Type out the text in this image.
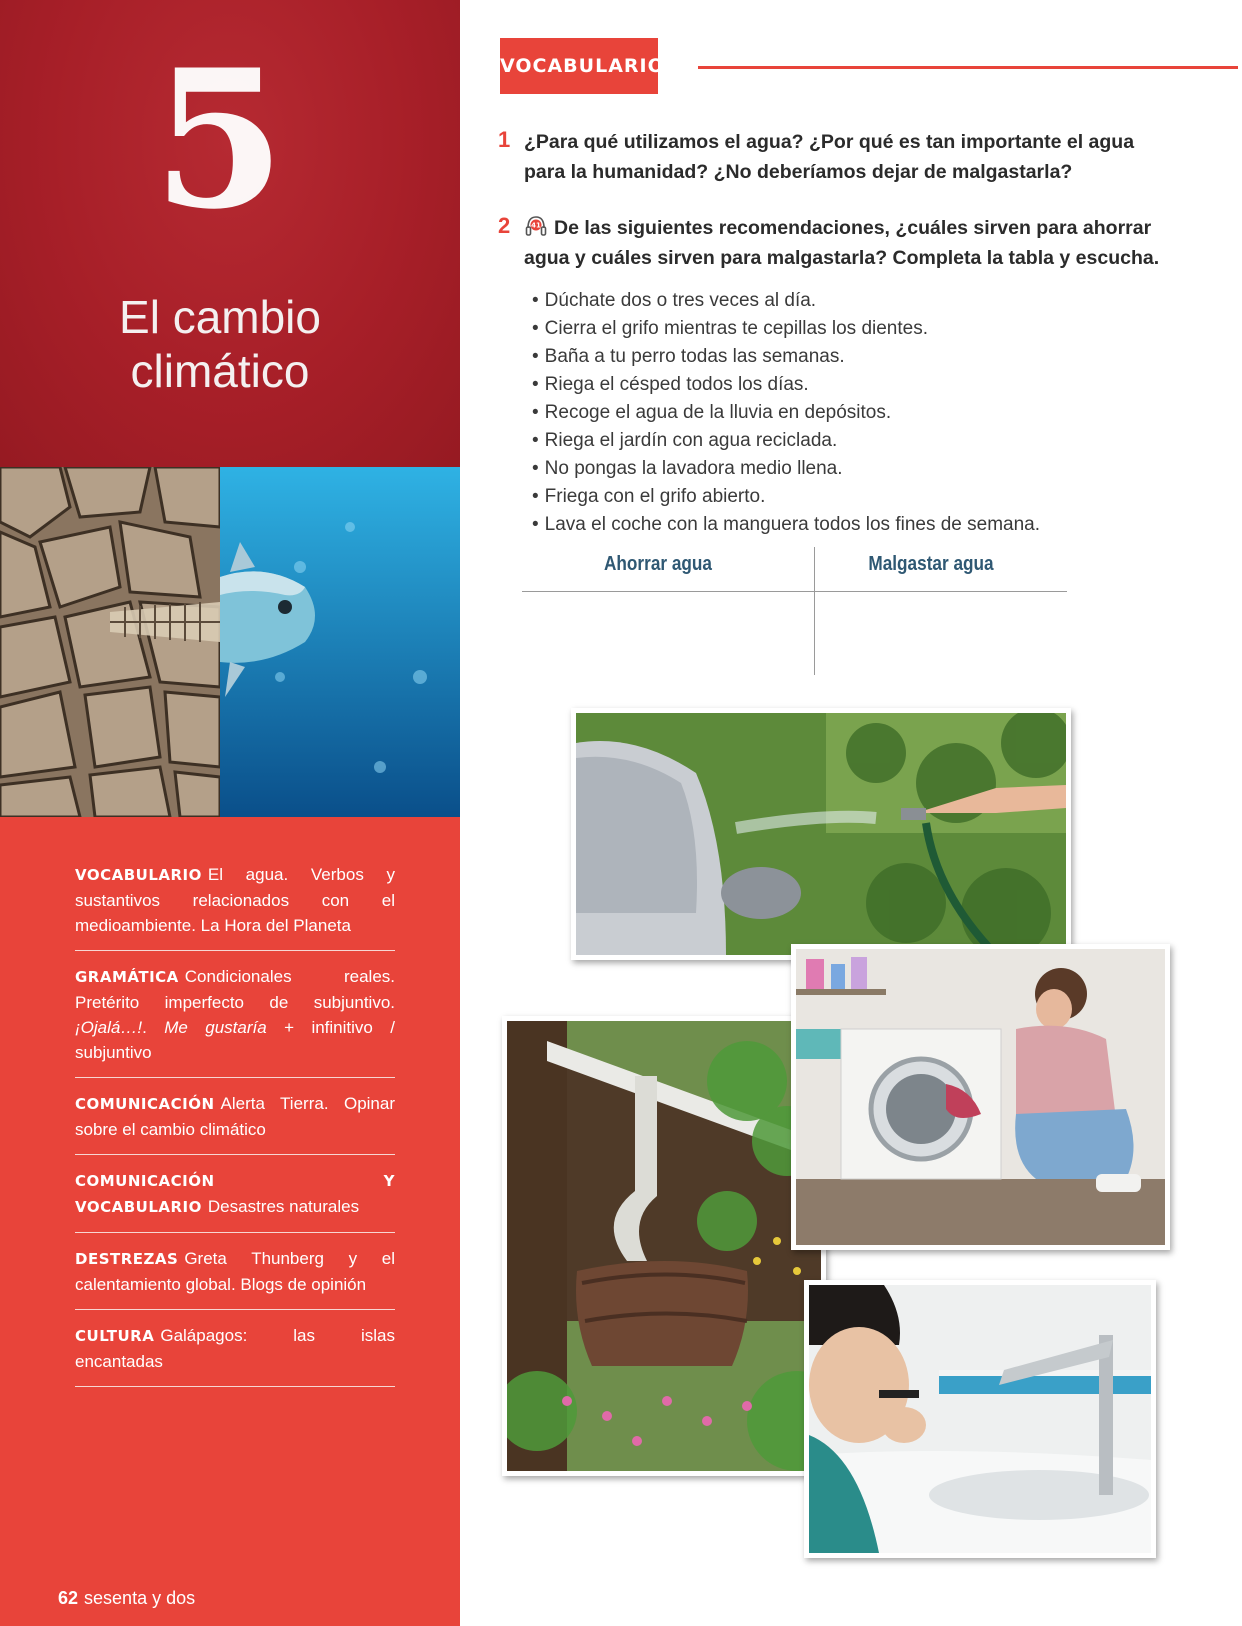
5
El cambio
climático
VOCABULARIO El agua. Verbos y sustantivos relacionados con el medioambiente. La Hora del Planeta
GRAMÁTICA Condicionales reales. Pretérito imperfecto de subjuntivo. ¡Ojalá…!. Me gustaría + infinitivo / subjuntivo
COMUNICACIÓN Alerta Tierra. Opinar sobre el cambio climático
COMUNICACIÓN Y VOCABULARIO Desastres naturales
DESTREZAS Greta Thunberg y el calentamiento global. Blogs de opinión
CULTURA Galápagos: las islas encantadas
62 sesenta y dos
VOCABULARIO
1 ¿Para qué utilizamos el agua? ¿Por qué es tan importante el agua para la humanidad? ¿No deberíamos dejar de malgastarla?

2	41 De las siguientes recomendaciones, ¿cuáles sirven para ahorrar agua y cuáles sirven para malgastarla? Completa la tabla y escucha.

• Dúchate dos o tres veces al día.
• Cierra el grifo mientras te cepillas los dientes.
• Baña a tu perro todas las semanas.
• Riega el césped todos los días.
• Recoge el agua de la lluvia en depósitos.
• Riega el jardín con agua reciclada.
• No pongas la lavadora medio llena.
• Friega con el grifo abierto.
• Lava el coche con la manguera todos los fines de semana.
Ahorrar agua	Malgastar agua
